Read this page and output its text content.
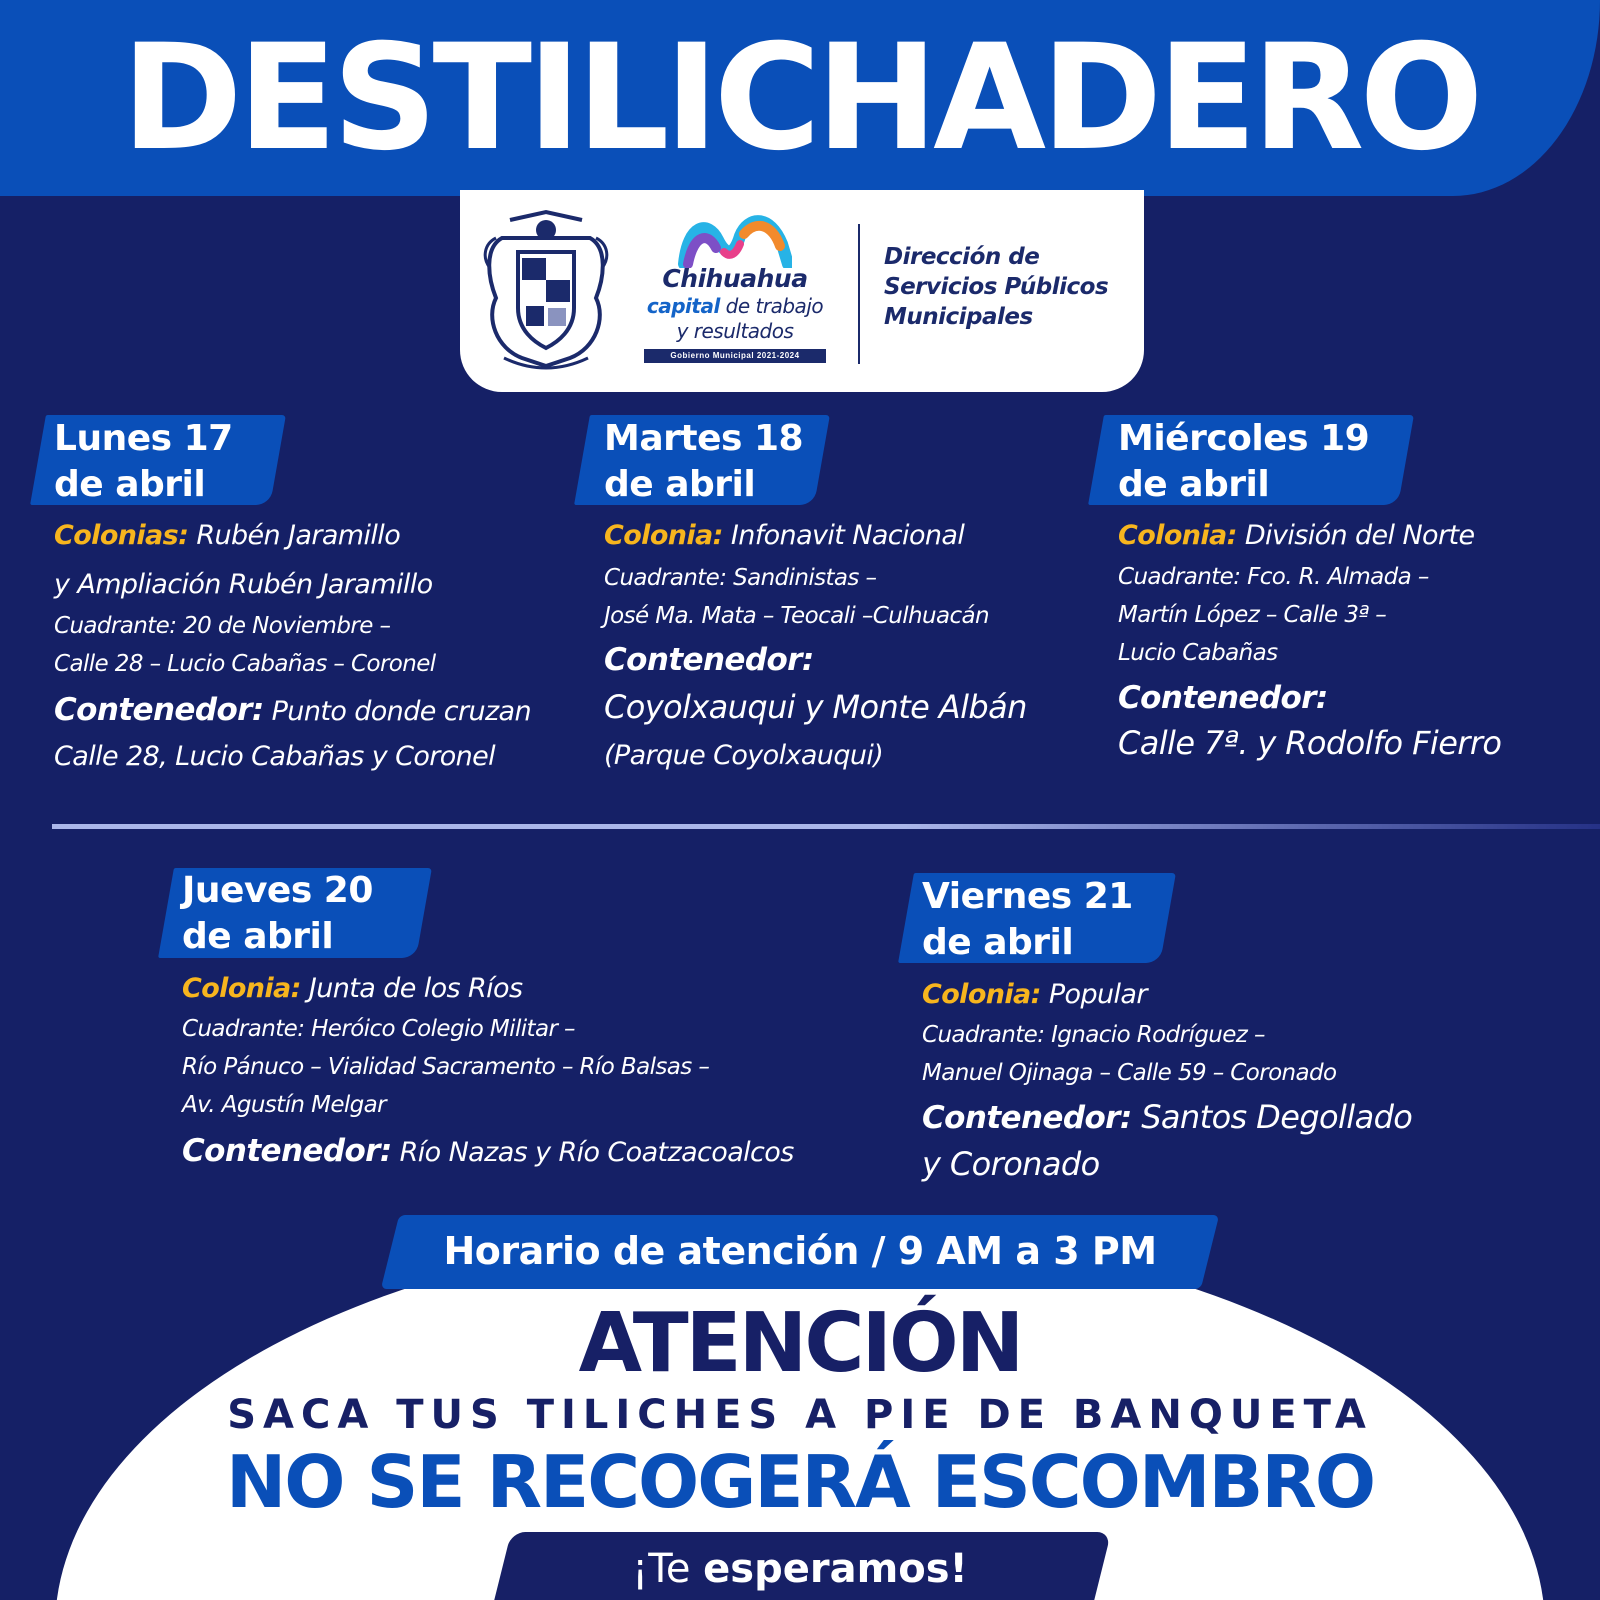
DESTILICHADERO
Chihuahua
capital de trabajo
y resultados
Gobierno Municipal 2021-2024
Dirección de
Servicios Públicos
Municipales
Lunes 17
de abril
Colonias: Rubén Jaramillo
y Ampliación Rubén Jaramillo
Cuadrante: 20 de Noviembre –
Calle 28 – Lucio Cabañas – Coronel
Contenedor: Punto donde cruzan
Calle 28, Lucio Cabañas y Coronel
Martes 18
de abril
Colonia: Infonavit Nacional
Cuadrante: Sandinistas –
José Ma. Mata – Teocali –Culhuacán
Contenedor:
Coyolxauqui y Monte Albán
(Parque Coyolxauqui)
Miércoles 19
de abril
Colonia: División del Norte
Cuadrante: Fco. R. Almada –
Martín López – Calle 3ª –
Lucio Cabañas
Contenedor:
Calle 7ª. y Rodolfo Fierro
Jueves 20
de abril
Colonia: Junta de los Ríos
Cuadrante: Heróico Colegio Militar –
Río Pánuco – Vialidad Sacramento – Río Balsas –
Av. Agustín Melgar
Contenedor: Río Nazas y Río Coatzacoalcos
Viernes 21
de abril
Colonia: Popular
Cuadrante: Ignacio Rodríguez –
Manuel Ojinaga – Calle 59 – Coronado
Contenedor: Santos Degollado
y Coronado
Horario de atención / 9 AM a 3 PM
ATENCIÓN
SACA TUS TILICHES A PIE DE BANQUETA
NO SE RECOGERÁ ESCOMBRO
¡Te esperamos!
